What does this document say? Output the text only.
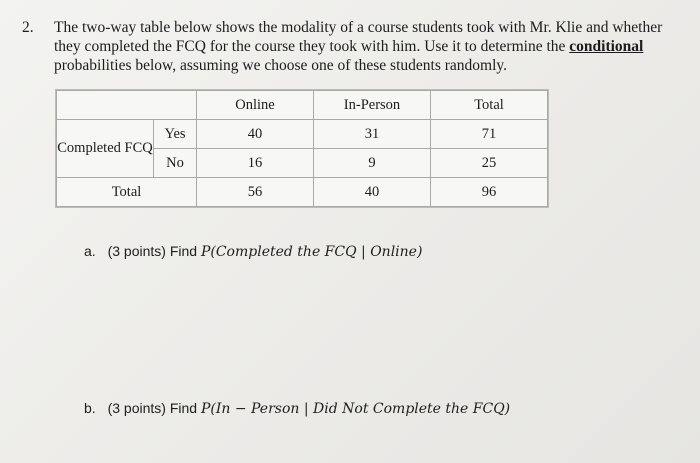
2. The two-way table below shows the modality of a course students took with Mr. Klie and whether they completed the FCQ for the course they took with him. Use it to determine the conditional probabilities below, assuming we choose one of these students randomly.
		Online	In-Person	Total
Completed FCQ	Yes	40	31	71
	No	16	9	25
Total		56	40	96
a. (3 points) Find P(Completed the FCQ | Online)
b. (3 points) Find P(In − Person | Did Not Complete the FCQ)
